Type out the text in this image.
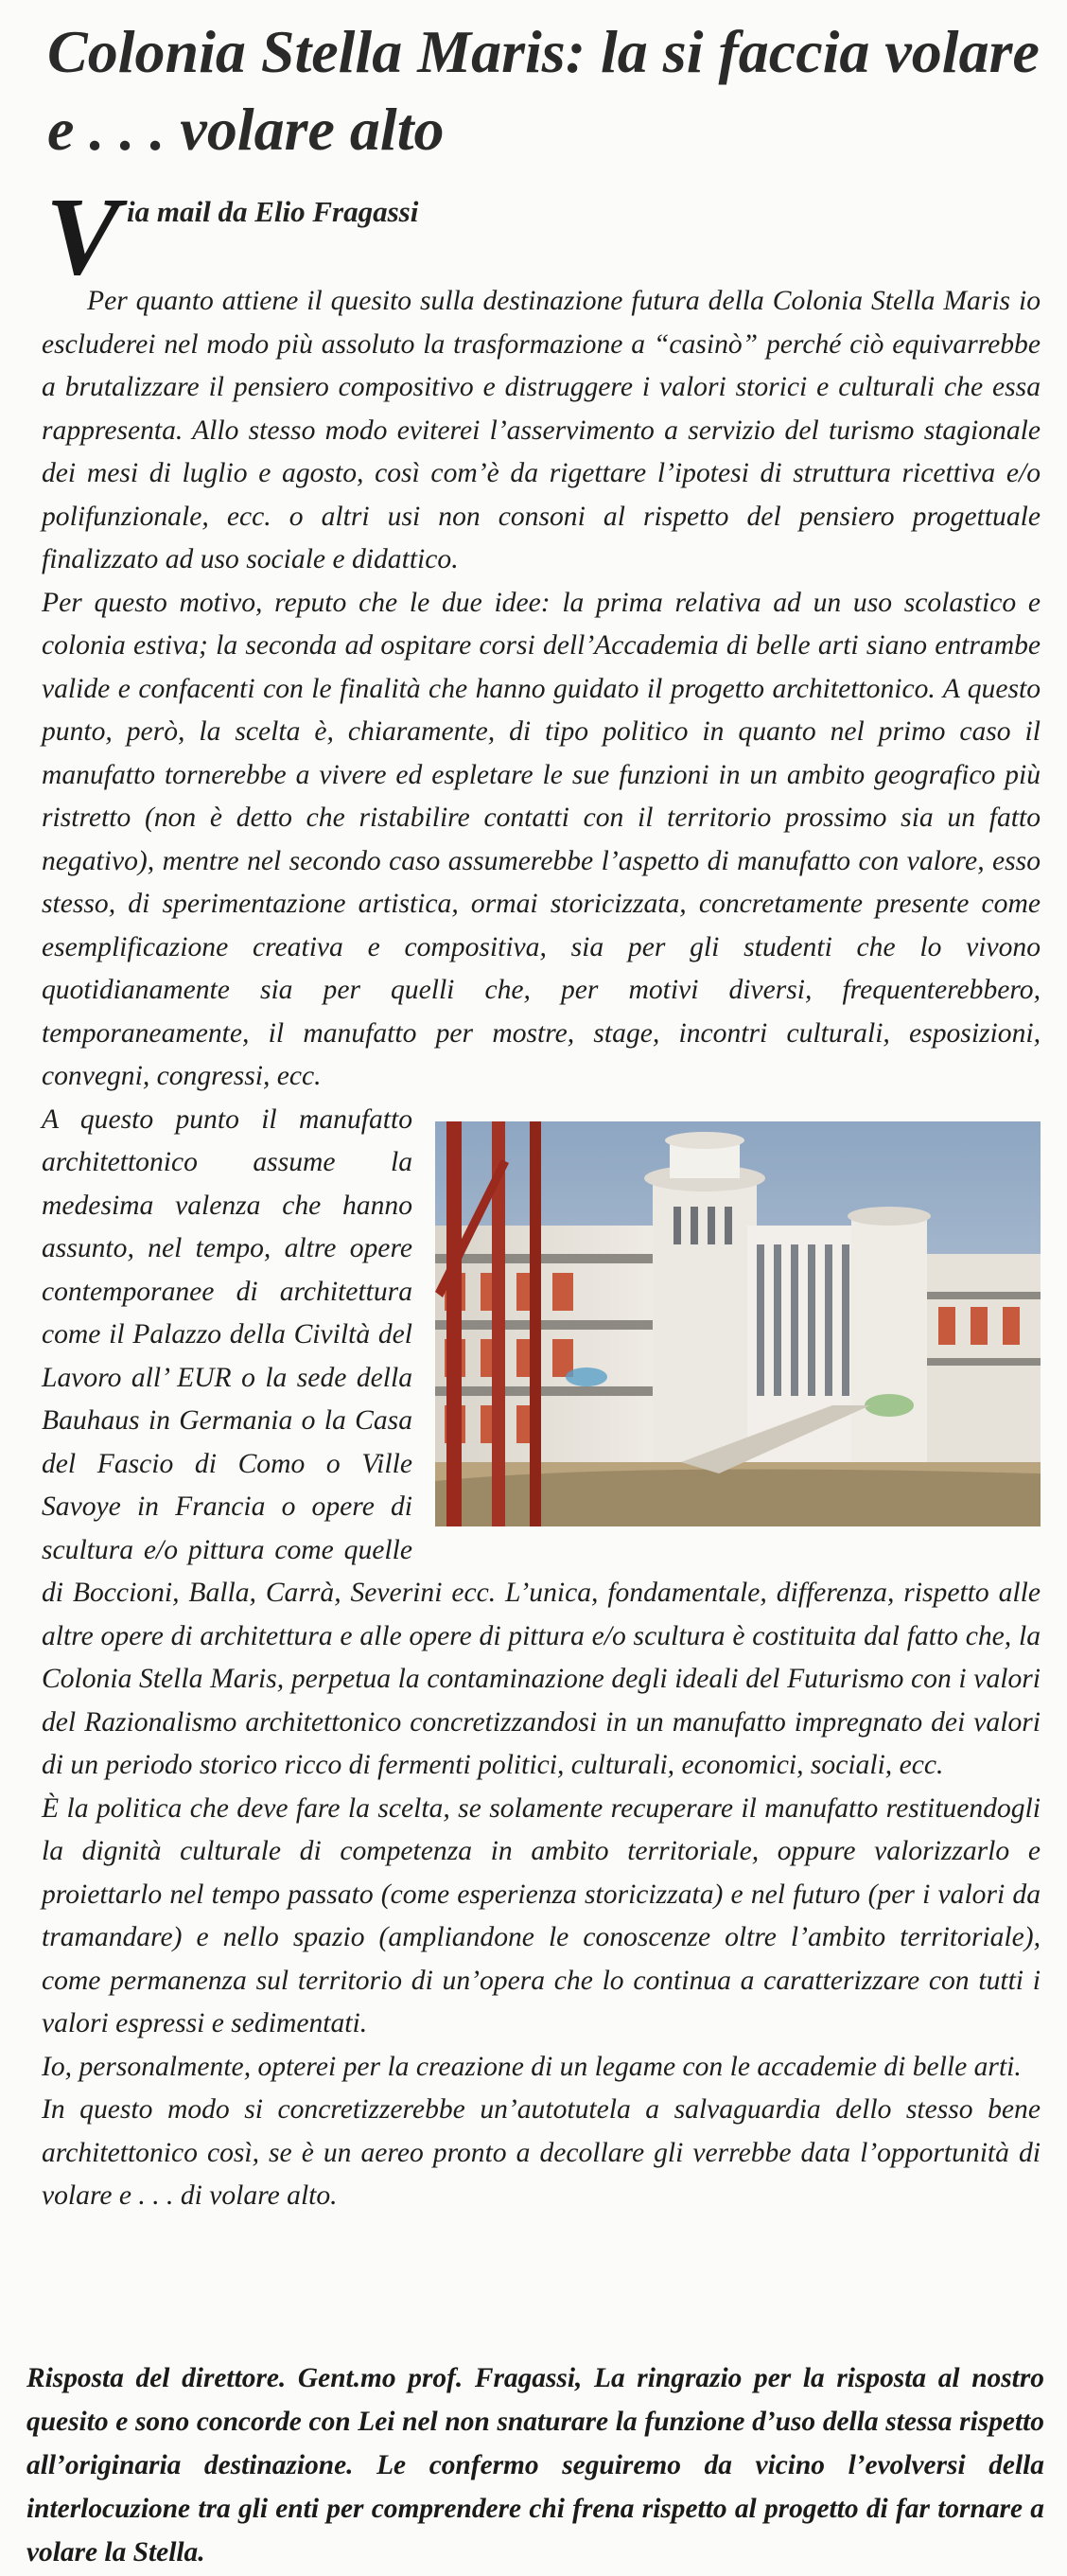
Colonia Stella Maris: la si faccia volare e . . . volare alto
V ia mail da Elio Fragassi

Per quanto attiene il quesito sulla destinazione futura della Colonia Stella Maris io escluderei nel modo più assoluto la trasformazione a “casinò” perché ciò equivarrebbe a brutalizzare il pensiero compositivo e distruggere i valori storici e culturali che essa rappresenta. Allo stesso modo eviterei l’asservimento a servizio del turismo stagionale dei mesi di luglio e agosto, così com’è da rigettare l’ipotesi di struttura ricettiva e/o polifunzionale, ecc. o altri usi non consoni al rispetto del pensiero progettuale finalizzato ad uso sociale e didattico.

Per questo motivo, reputo che le due idee: la prima relativa ad un uso scolastico e colonia estiva; la seconda ad ospitare corsi dell’Accademia di belle arti siano entrambe valide e confacenti con le finalità che hanno guidato il progetto architettonico. A questo punto, però, la scelta è, chiaramente, di tipo politico in quanto nel primo caso il manufatto tornerebbe a vivere ed espletare le sue funzioni in un ambito geografico più ristretto (non è detto che ristabilire contatti con il territorio prossimo sia un fatto negativo), mentre nel secondo caso assumerebbe l’aspetto di manufatto con valore, esso stesso, di sperimentazione artistica, ormai storicizzata, concretamente presente come esemplificazione creativa e compositiva, sia per gli studenti che lo vivono quotidianamente sia per quelli che, per motivi diversi, frequenterebbero, temporaneamente, il manufatto per mostre, stage, incontri culturali, esposizioni, convegni, congressi, ecc.

A questo punto il manufatto architettonico assume la medesima valenza che hanno assunto, nel tempo, altre opere contemporanee di architettura come il Palazzo della Civiltà del Lavoro all’ EUR o la sede della Bauhaus in Germania o la Casa del Fascio di Como o Ville Savoye in Francia o opere di scultura e/o pittura come quelle di Boccioni, Balla, Carrà, Severini ecc. L’unica, fondamentale, differenza, rispetto alle altre opere di architettura e alle opere di pittura e/o scultura è costituita dal fatto che, la Colonia Stella Maris, perpetua la contaminazione degli ideali del Futurismo con i valori del Razionalismo architettonico concretizzandosi in un manufatto impregnato dei valori di un periodo storico ricco di fermenti politici, culturali, economici, sociali, ecc.

È la politica che deve fare la scelta, se solamente recuperare il manufatto restituendogli la dignità culturale di competenza in ambito territoriale, oppure valorizzarlo e proiettarlo nel tempo passato (come esperienza storicizzata) e nel futuro (per i valori da tramandare) e nello spazio (ampliandone le conoscenze oltre l’ambito territoriale), come permanenza sul territorio di un’opera che lo continua a caratterizzare con tutti i valori espressi e sedimentati.

Io, personalmente, opterei per la creazione di un legame con le accademie di belle arti.

In questo modo si concretizzerebbe un’autotutela a salvaguardia dello stesso bene architettonico così, se è un aereo pronto a decollare gli verrebbe data l’opportunità di volare e . . . di volare alto.

Risposta del direttore. Gent.mo prof. Fragassi, La ringrazio per la risposta al nostro quesito e sono concorde con Lei nel non snaturare la funzione d’uso della stessa rispetto all’originaria destinazione. Le confermo seguiremo da vicino l’evolversi della interlocuzione tra gli enti per comprendere chi frena rispetto al progetto di far tornare a volare la Stella.
